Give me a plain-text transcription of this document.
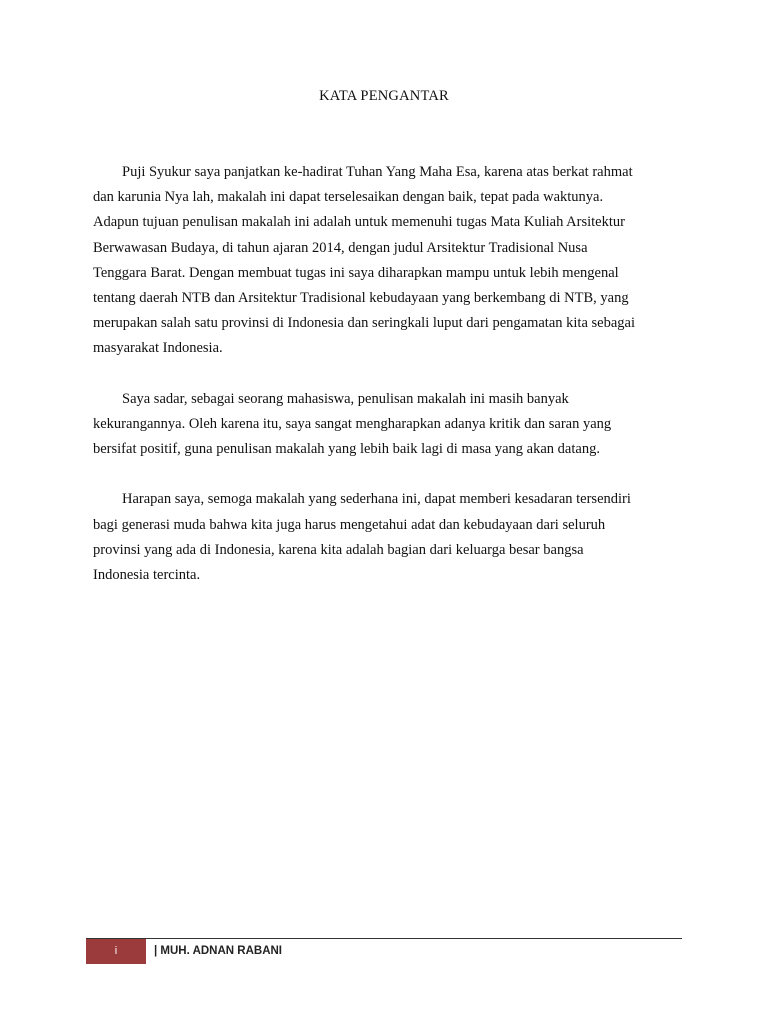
KATA PENGANTAR
Puji Syukur saya panjatkan ke-hadirat Tuhan Yang Maha Esa, karena atas berkat rahmat
dan karunia Nya lah, makalah ini dapat terselesaikan dengan baik, tepat pada waktunya.
Adapun tujuan penulisan makalah ini adalah untuk memenuhi tugas Mata Kuliah Arsitektur
Berwawasan Budaya, di tahun ajaran 2014, dengan judul Arsitektur Tradisional Nusa
Tenggara Barat. Dengan membuat tugas ini saya diharapkan mampu untuk lebih mengenal
tentang daerah NTB dan Arsitektur Tradisional kebudayaan yang berkembang di NTB, yang
merupakan salah satu provinsi di Indonesia dan seringkali luput dari pengamatan kita sebagai
masyarakat Indonesia.
Saya sadar, sebagai seorang mahasiswa, penulisan makalah ini masih banyak
kekurangannya. Oleh karena itu, saya sangat mengharapkan adanya kritik dan saran yang
bersifat positif, guna penulisan makalah yang lebih baik lagi di masa yang akan datang.
Harapan saya, semoga makalah yang sederhana ini, dapat memberi kesadaran tersendiri
bagi generasi muda bahwa kita juga harus mengetahui adat dan kebudayaan dari seluruh
provinsi yang ada di Indonesia, karena kita adalah bagian dari keluarga besar bangsa
Indonesia tercinta.
i	| MUH. ADNAN RABANI
